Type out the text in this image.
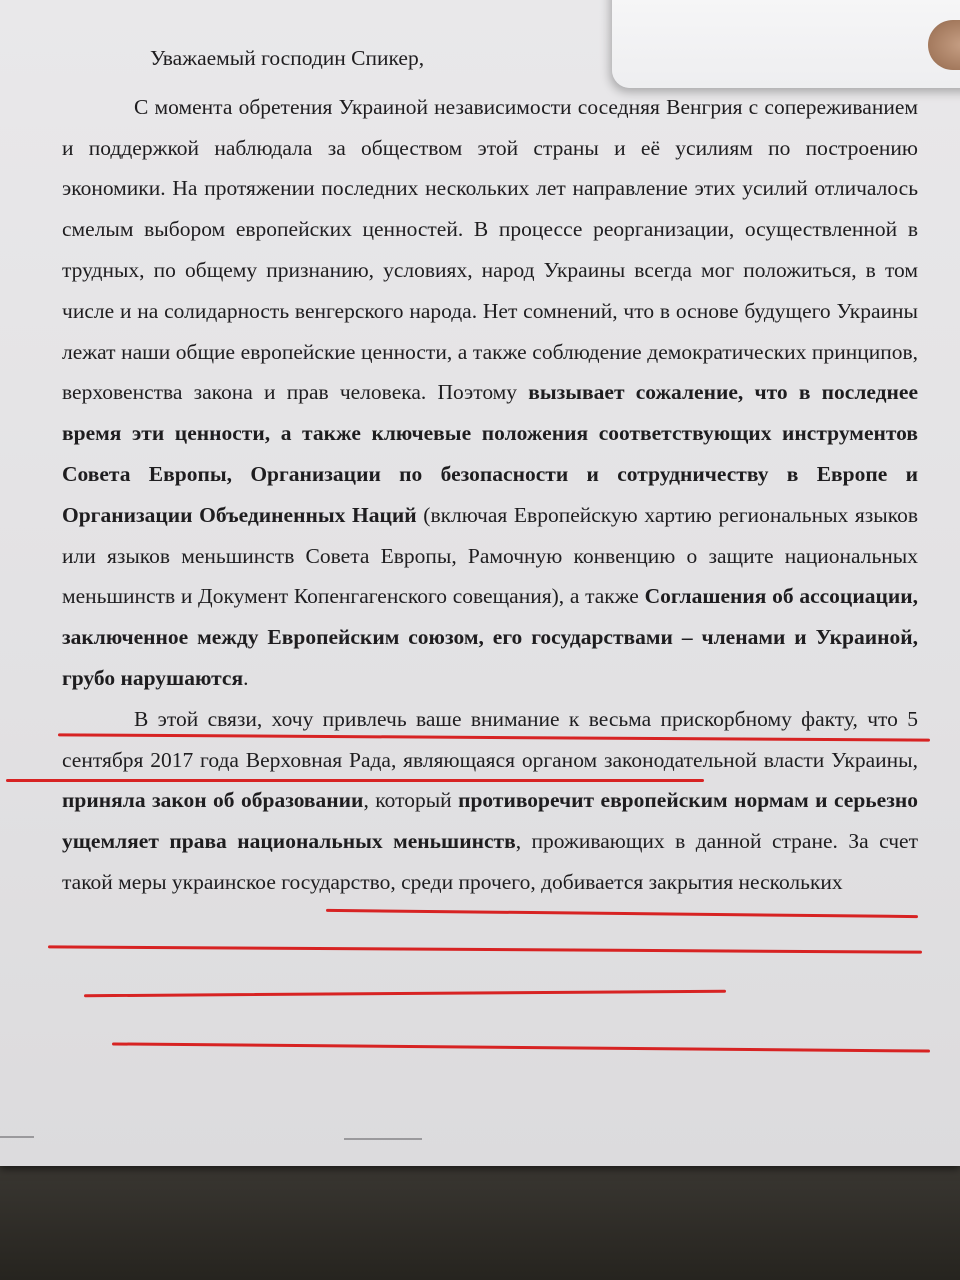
Уважаемый господин Спикер,

С момента обретения Украиной независимости соседняя Венгрия с сопереживанием и поддержкой наблюдала за обществом этой страны и её усилиям по построению экономики. На протяжении последних нескольких лет направление этих усилий отличалось смелым выбором европейских ценностей. В процессе реорганизации, осуществленной в трудных, по общему признанию, условиях, народ Украины всегда мог положиться, в том числе и на солидарность венгерского народа. Нет сомнений, что в основе будущего Украины лежат наши общие европейские ценности, а также соблюдение демократических принципов, верховенства закона и прав человека. Поэтому вызывает сожаление, что в последнее время эти ценности, а также ключевые положения соответствующих инструментов Совета Европы, Организации по безопасности и сотрудничеству в Европе и Организации Объединенных Наций (включая Европейскую хартию региональных языков или языков меньшинств Совета Европы, Рамочную конвенцию о защите национальных меньшинств и Документ Копенгагенского совещания), а также Соглашения об ассоциации, заключенное между Европейским союзом, его государствами – членами и Украиной, грубо нарушаются.

В этой связи, хочу привлечь ваше внимание к весьма прискорбному факту, что 5 сентября 2017 года Верховная Рада, являющаяся органом законодательной власти Украины, приняла закон об образовании, который противоречит европейским нормам и серьезно ущемляет права национальных меньшинств, проживающих в данной стране. За счет такой меры украинское государство, среди прочего, добивается закрытия нескольких
